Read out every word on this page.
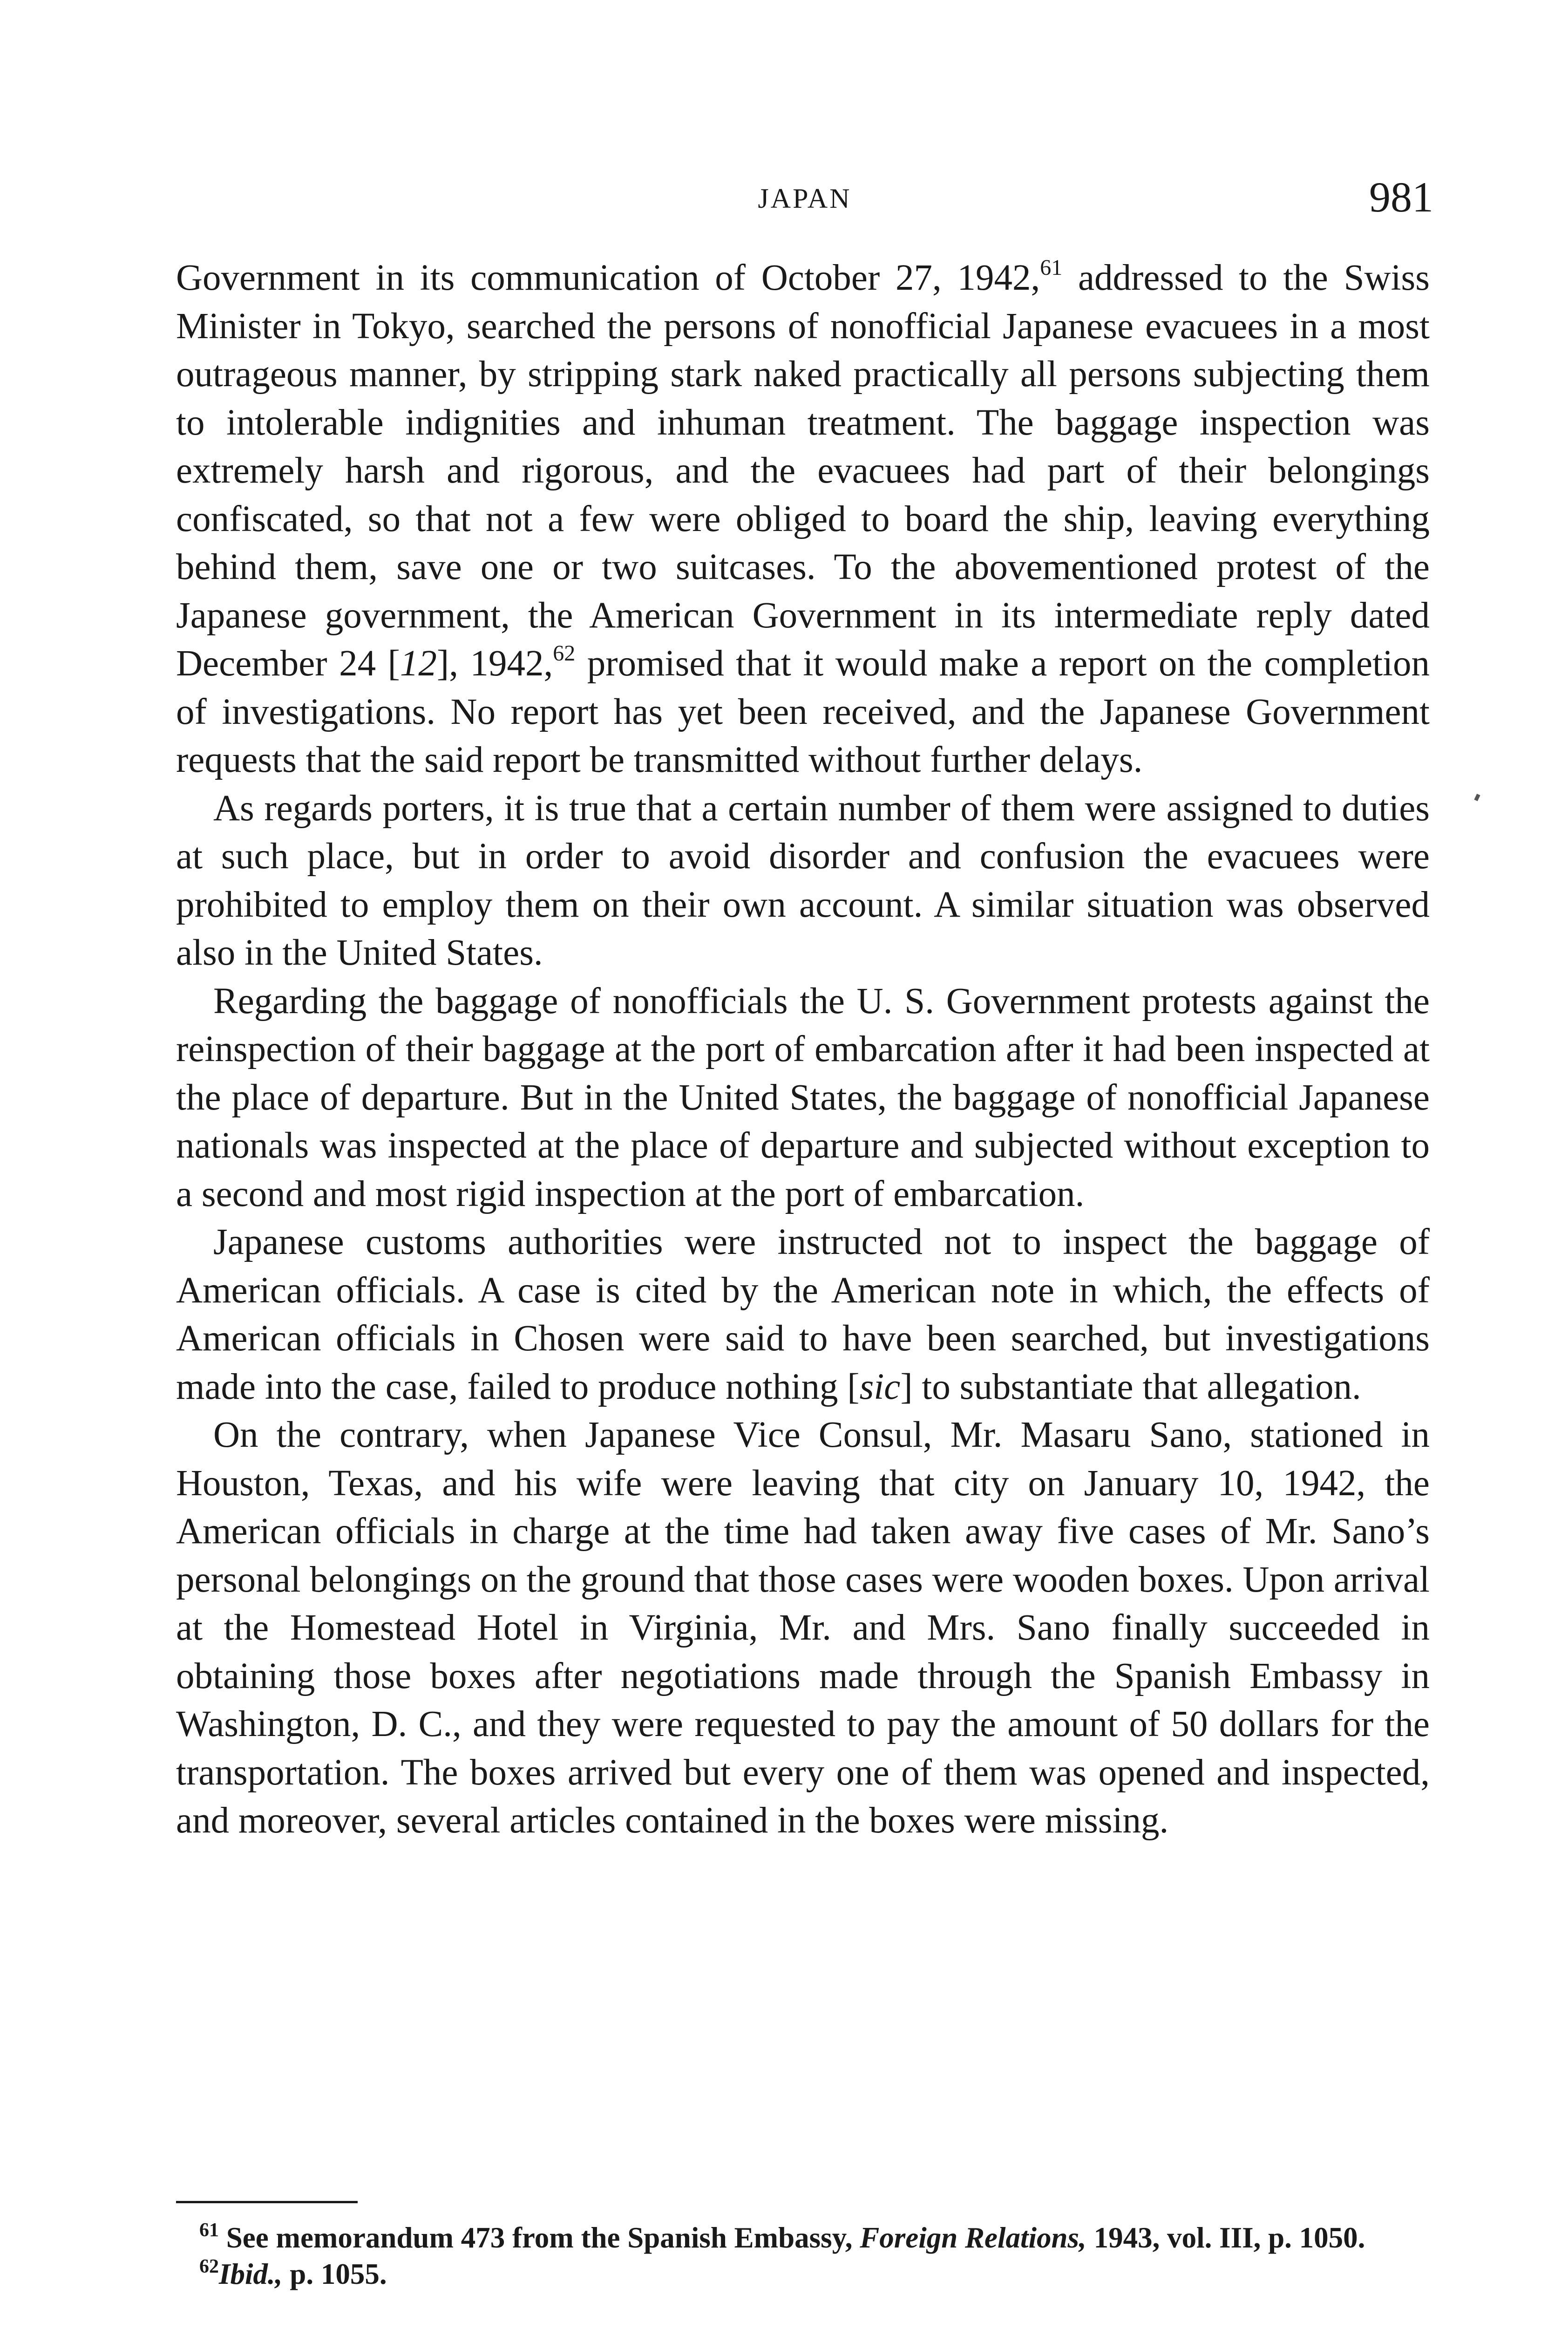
JAPAN	981

Government in its communication of October 27, 1942,61 addressed to the Swiss Minister in Tokyo, searched the persons of nonofficial Japanese evacuees in a most outrageous manner, by stripping stark naked practically all persons subjecting them to intolerable indignities and inhuman treatment. The baggage inspection was extremely harsh and rigorous, and the evacuees had part of their belongings confiscated, so that not a few were obliged to board the ship, leaving everything behind them, save one or two suitcases. To the abovementioned protest of the Japanese government, the American Government in its intermediate reply dated December 24 [12], 1942,62 promised that it would make a report on the completion of investigations. No report has yet been received, and the Japanese Government requests that the said report be transmitted without further delays.

As regards porters, it is true that a certain number of them were assigned to duties at such place, but in order to avoid disorder and confusion the evacuees were prohibited to employ them on their own account. A similar situation was observed also in the United States.

Regarding the baggage of nonofficials the U. S. Government protests against the reinspection of their baggage at the port of embarcation after it had been inspected at the place of departure. But in the United States, the baggage of nonofficial Japanese nationals was inspected at the place of departure and subjected without exception to a second and most rigid inspection at the port of embarcation.

Japanese customs authorities were instructed not to inspect the baggage of American officials. A case is cited by the American note in which, the effects of American officials in Chosen were said to have been searched, but investigations made into the case, failed to produce nothing [sic] to substantiate that allegation.

On the contrary, when Japanese Vice Consul, Mr. Masaru Sano, stationed in Houston, Texas, and his wife were leaving that city on January 10, 1942, the American officials in charge at the time had taken away five cases of Mr. Sano’s personal belongings on the ground that those cases were wooden boxes. Upon arrival at the Homestead Hotel in Virginia, Mr. and Mrs. Sano finally succeeded in obtaining those boxes after negotiations made through the Spanish Embassy in Washington, D. C., and they were requested to pay the amount of 50 dollars for the transportation. The boxes arrived but every one of them was opened and inspected, and moreover, several articles contained in the boxes were missing.

$^{61}$ See memorandum 473 from the Spanish Embassy, Foreign Relations, 1943, vol. III, p. 1050.

$^{62}$Ibid., p. 1055.
